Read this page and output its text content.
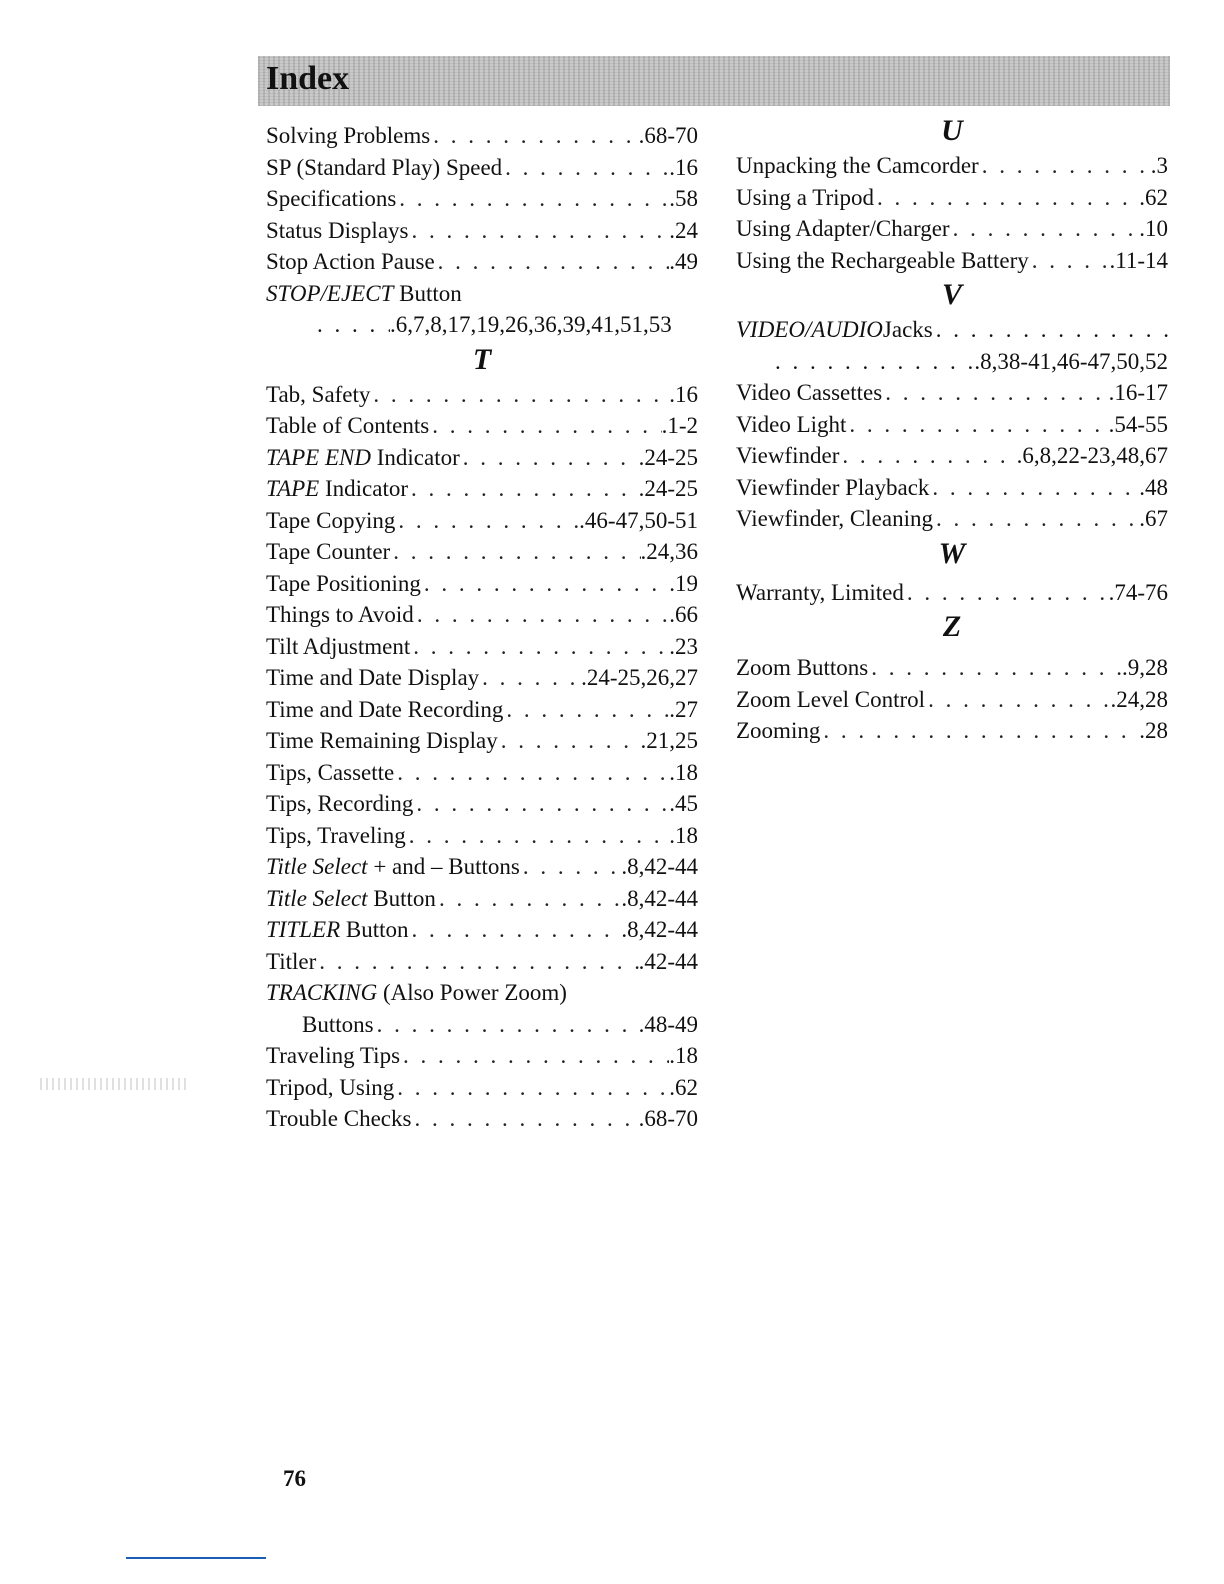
Index
Solving Problems . . .	.68-70
SP (Standard Play) Speed . . .	.16
Specifications . . .	.58
Status Displays . . .	.24
Stop Action Pause . . .	.49
STOP/EJECT Button
. . .
.6,7,8,17,19,26,36,39,41,51,53
T
Tab, Safety . . .	.16
Table of Contents . . .	.1-2
TAPE END Indicator . . .	.24-25
TAPE Indicator . . .	.24-25
Tape Copying . . .	.46-47,50-51
Tape Counter . . .	.24,36
Tape Positioning . . .	.19
Things to Avoid . . .	.66
Tilt Adjustment . . .	.23
Time and Date Display . . .	.24-25,26,27
Time and Date Recording . . .	.27
Time Remaining Display . . .	.21,25
Tips, Cassette . . .	.18
Tips, Recording . . .	.45
Tips, Traveling . . .	.18
Title Select + and – Buttons . . .	.8,42-44
Title Select Button . . .	.8,42-44
TITLER Button . . .	.8,42-44
Titler . . .	.42-44
TRACKING (Also Power Zoom)
Buttons . . .	.48-49
Traveling Tips . . .	.18
Tripod, Using . . .	.62
Trouble Checks . . .	.68-70
U
Unpacking the Camcorder . . .	.3
Using a Tripod . . .	.62
Using Adapter/Charger . . .	.10
Using the Rechargeable Battery . . .	.11-14
V
VIDEO/AUDIO Jacks
. . .
. . .
.8,38-41,46-47,50,52
Video Cassettes . . .	.16-17
Video Light . . .	.54-55
Viewfinder . . .	.6,8,22-23,48,67
Viewfinder Playback . . .	.48
Viewfinder, Cleaning . . .	.67
W
Warranty, Limited . . .	.74-76
Z
Zoom Buttons . . .	.9,28
Zoom Level Control . . .	.24,28
Zooming . . .	.28
76
